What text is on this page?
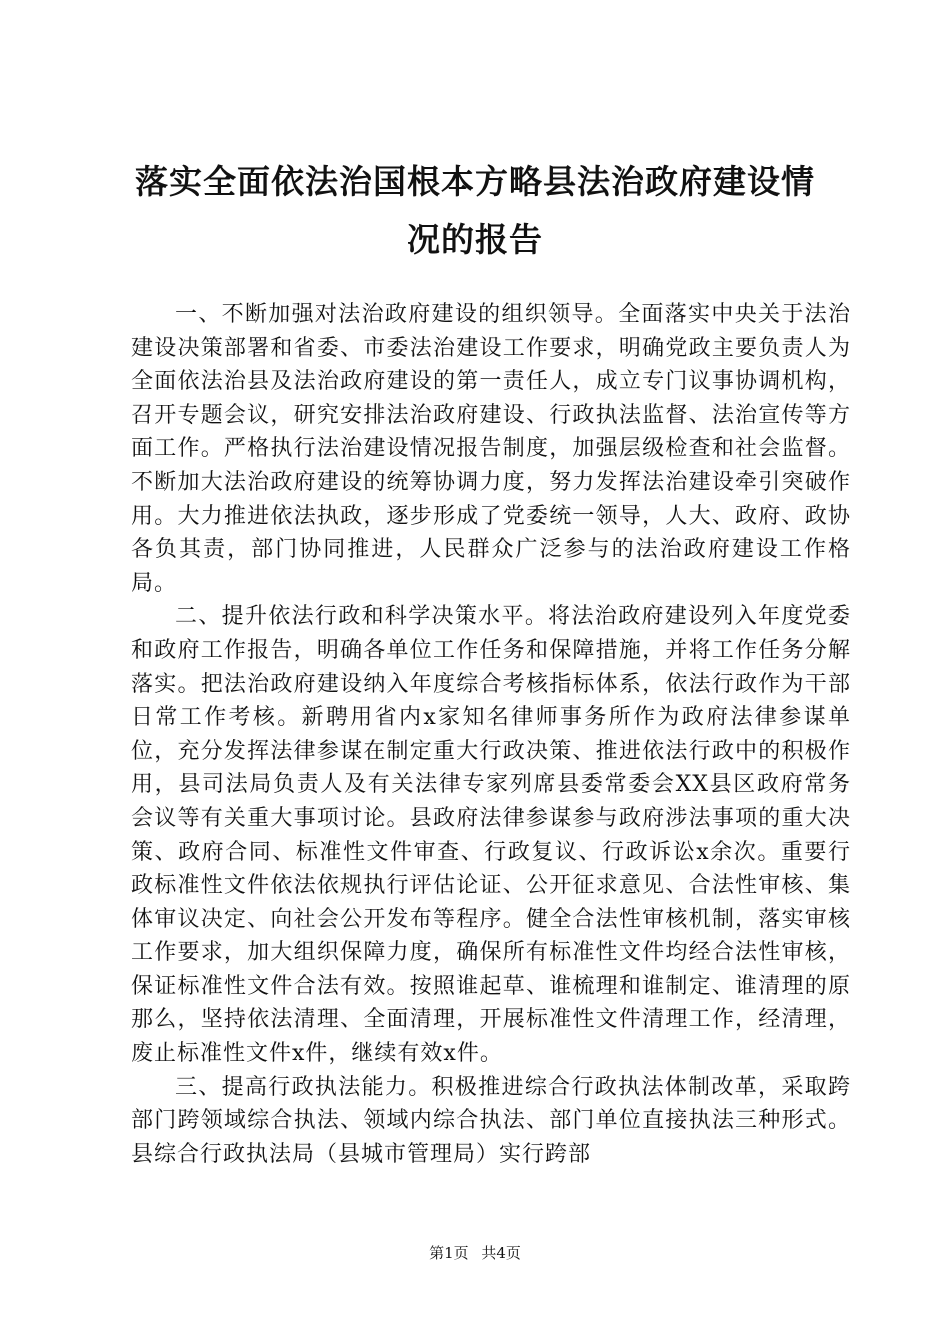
落实全面依法治国根本方略县法治政府建设情
况的报告

一、不断加强对法治政府建设的组织领导。全面落实中央关于法治建设决策部署和省委、市委法治建设工作要求，明确党政主要负责人为全面依法治县及法治政府建设的第一责任人，成立专门议事协调机构，召开专题会议，研究安排法治政府建设、行政执法监督、法治宣传等方面工作。严格执行法治建设情况报告制度，加强层级检查和社会监督。不断加大法治政府建设的统筹协调力度，努力发挥法治建设牵引突破作用。大力推进依法执政，逐步形成了党委统一领导，人大、政府、政协各负其责，部门协同推进，人民群众广泛参与的法治政府建设工作格局。

二、提升依法行政和科学决策水平。将法治政府建设列入年度党委和政府工作报告，明确各单位工作任务和保障措施，并将工作任务分解落实。把法治政府建设纳入年度综合考核指标体系，依法行政作为干部日常工作考核。新聘用省内x家知名律师事务所作为政府法律参谋单位，充分发挥法律参谋在制定重大行政决策、推进依法行政中的积极作用，县司法局负责人及有关法律专家列席县委常委会XX县区政府常务会议等有关重大事项讨论。县政府法律参谋参与政府涉法事项的重大决策、政府合同、标准性文件审查、行政复议、行政诉讼x余次。重要行政标准性文件依法依规执行评估论证、公开征求意见、合法性审核、集体审议决定、向社会公开发布等程序。健全合法性审核机制，落实审核工作要求，加大组织保障力度，确保所有标准性文件均经合法性审核，保证标准性文件合法有效。按照谁起草、谁梳理和谁制定、谁清理的原那么，坚持依法清理、全面清理，开展标准性文件清理工作，经清理，废止标准性文件x件，继续有效x件。

三、提高行政执法能力。积极推进综合行政执法体制改革，采取跨部门跨领域综合执法、领域内综合执法、部门单位直接执法三种形式。县综合行政执法局（县城市管理局）实行跨部

第1页 共4页
